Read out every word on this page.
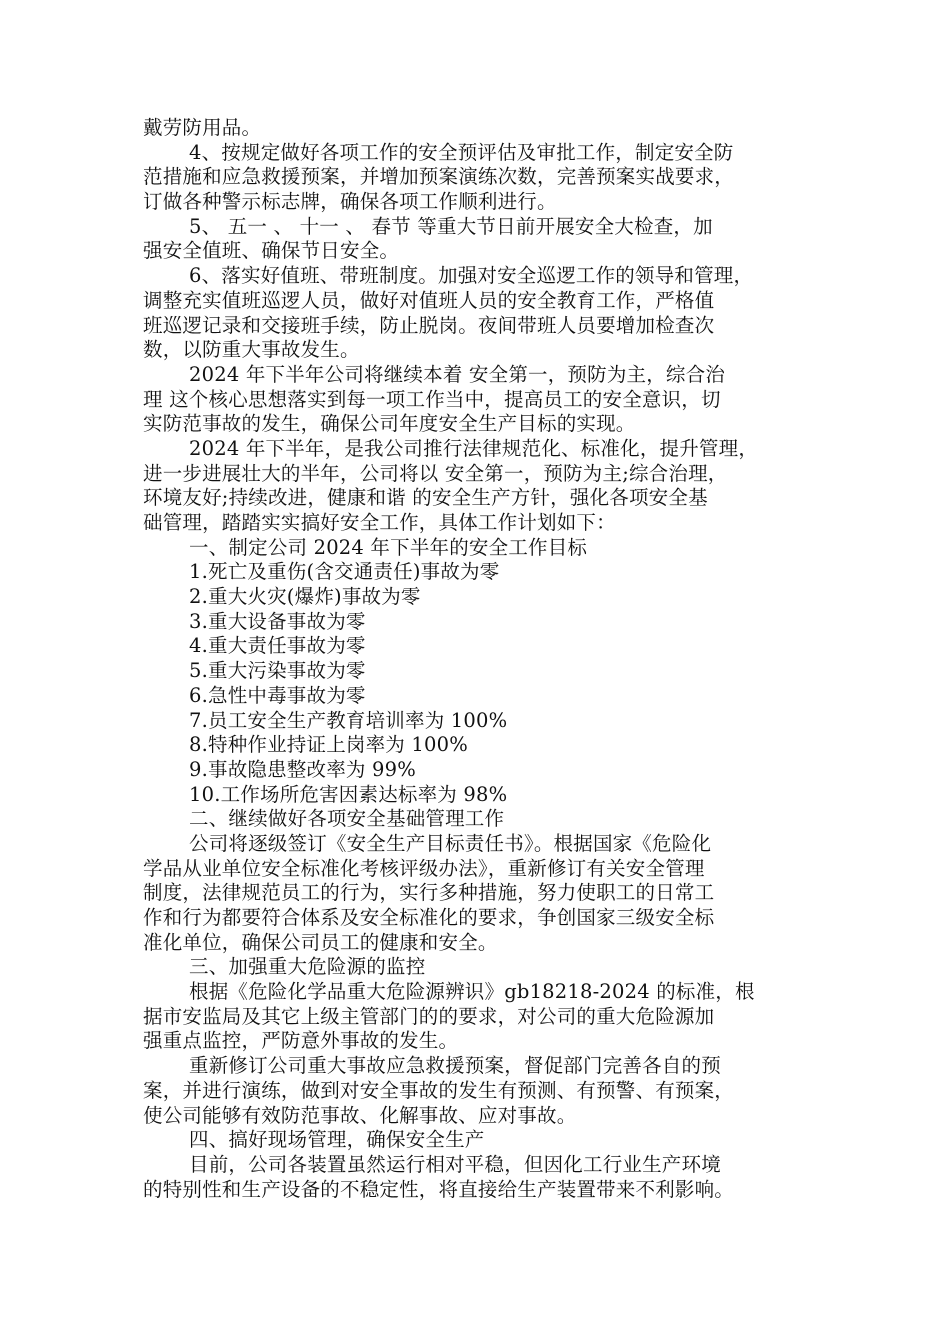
戴劳防用品。
4、按规定做好各项工作的安全预评估及审批工作，制定安全防
范措施和应急救援预案，并增加预案演练次数，完善预案实战要求，
订做各种警示标志牌，确保各项工作顺利进行。
5、 五一 、 十一 、 春节 等重大节日前开展安全大检查，加
强安全值班、确保节日安全。
6、落实好值班、带班制度。加强对安全巡逻工作的领导和管理，
调整充实值班巡逻人员，做好对值班人员的安全教育工作，严格值
班巡逻记录和交接班手续，防止脱岗。夜间带班人员要增加检查次
数，以防重大事故发生。
2024 年下半年公司将继续本着 安全第一，预防为主，综合治
理 这个核心思想落实到每一项工作当中，提高员工的安全意识，切
实防范事故的发生，确保公司年度安全生产目标的实现。
2024 年下半年，是我公司推行法律规范化、标准化，提升管理，
进一步进展壮大的半年，公司将以 安全第一，预防为主;综合治理，
环境友好;持续改进，健康和谐 的安全生产方针，强化各项安全基
础管理，踏踏实实搞好安全工作，具体工作计划如下：
一、制定公司 2024 年下半年的安全工作目标
1.死亡及重伤(含交通责任)事故为零
2.重大火灾(爆炸)事故为零
3.重大设备事故为零
4.重大责任事故为零
5.重大污染事故为零
6.急性中毒事故为零
7.员工安全生产教育培训率为 100%
8.特种作业持证上岗率为 100%
9.事故隐患整改率为 99%
10.工作场所危害因素达标率为 98%
二、继续做好各项安全基础管理工作
公司将逐级签订《安全生产目标责任书》。根据国家《危险化
学品从业单位安全标准化考核评级办法》，重新修订有关安全管理
制度，法律规范员工的行为，实行多种措施，努力使职工的日常工
作和行为都要符合体系及安全标准化的要求，争创国家三级安全标
准化单位，确保公司员工的健康和安全。
三、加强重大危险源的监控
根据《危险化学品重大危险源辨识》gb18218-2024 的标准，根
据市安监局及其它上级主管部门的的要求，对公司的重大危险源加
强重点监控，严防意外事故的发生。
重新修订公司重大事故应急救援预案，督促部门完善各自的预
案，并进行演练，做到对安全事故的发生有预测、有预警、有预案，
使公司能够有效防范事故、化解事故、应对事故。
四、搞好现场管理，确保安全生产
目前，公司各装置虽然运行相对平稳，但因化工行业生产环境
的特别性和生产设备的不稳定性，将直接给生产装置带来不利影响。
